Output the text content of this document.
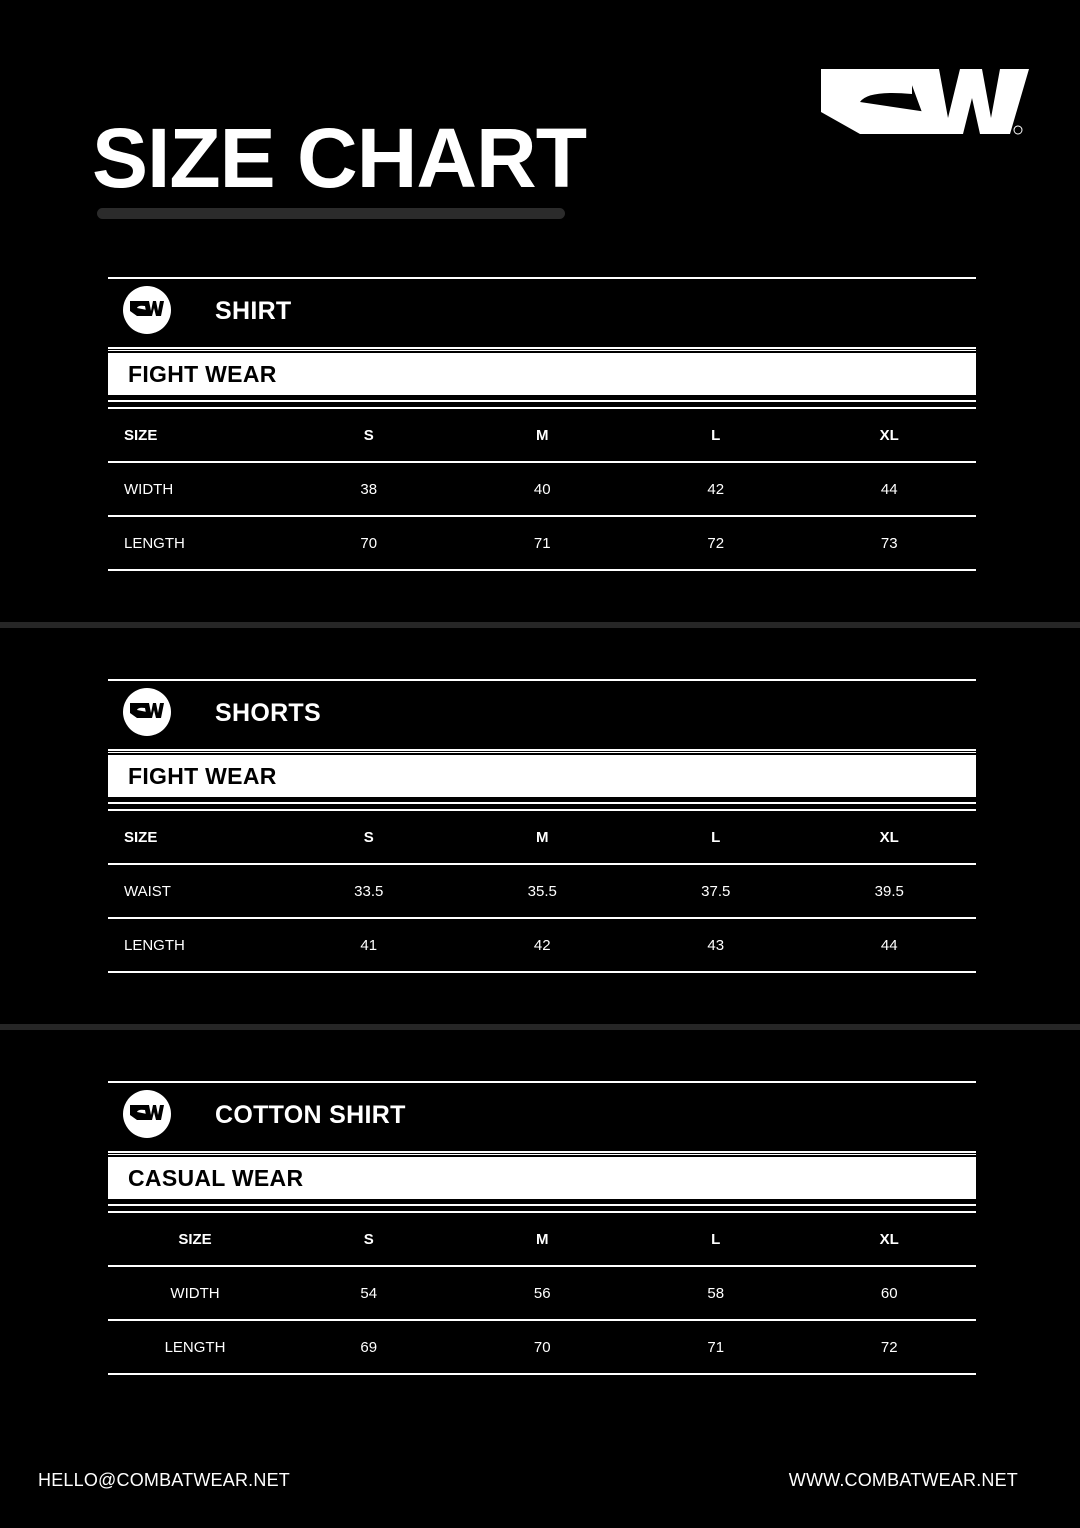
SIZE CHART
SHIRT
FIGHT WEAR
SIZE	S	M	L	XL
WIDTH	38	40	42	44
LENGTH	70	71	72	73
SHORTS
FIGHT WEAR
SIZE	S	M	L	XL
WAIST	33.5	35.5	37.5	39.5
LENGTH	41	42	43	44
COTTON SHIRT
CASUAL WEAR
SIZE	S	M	L	XL
WIDTH	54	56	58	60
LENGTH	69	70	71	72
HELLO@COMBATWEAR.NET	WWW.COMBATWEAR.NET
